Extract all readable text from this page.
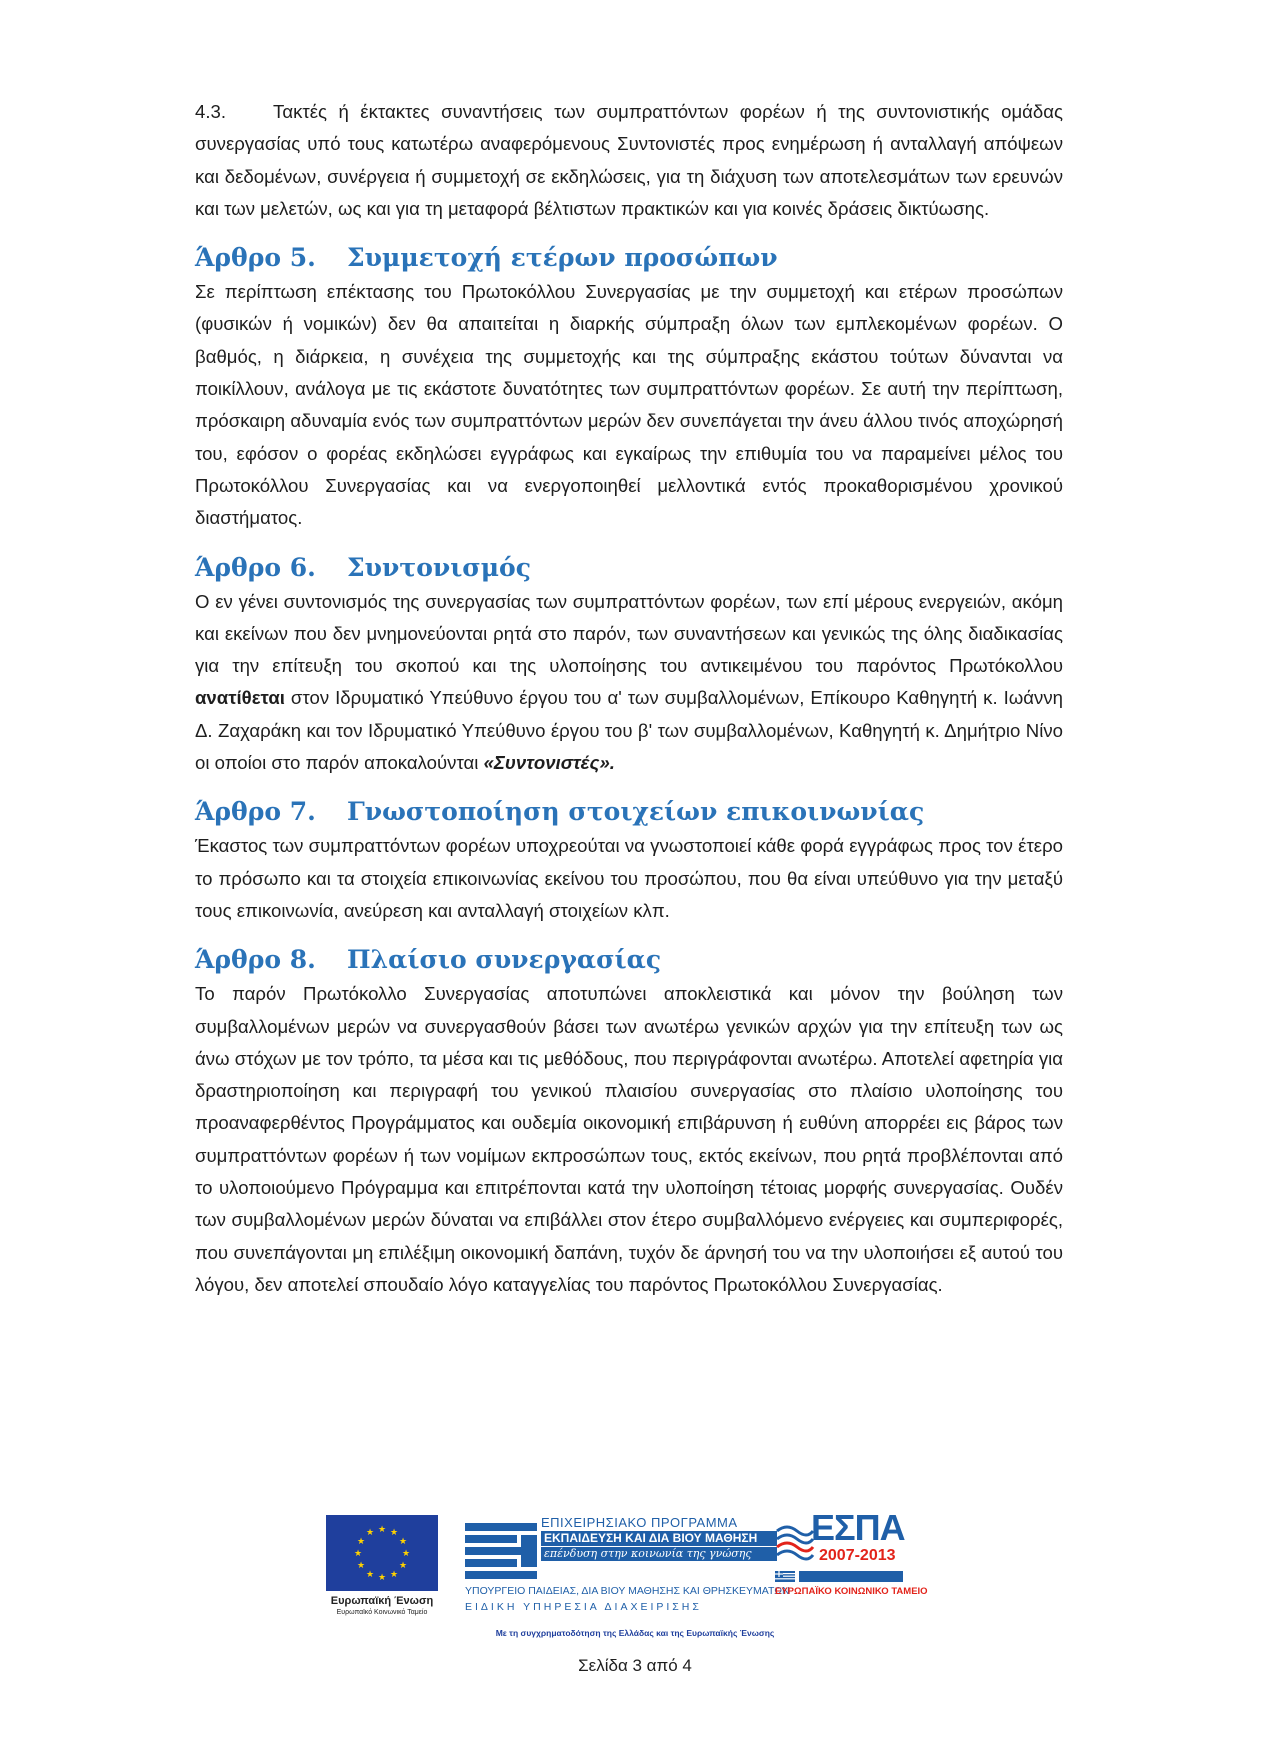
4.3.	Τακτές ή έκτακτες συναντήσεις των συμπραττόντων φορέων ή της συντονιστικής ομάδας συνεργασίας υπό τους κατωτέρω αναφερόμενους Συντονιστές προς ενημέρωση ή ανταλλαγή απόψεων και δεδομένων, συνέργεια ή συμμετοχή σε εκδηλώσεις, για τη διάχυση των αποτελεσμάτων των ερευνών και των μελετών, ως και για τη μεταφορά βέλτιστων πρακτικών και για κοινές δράσεις δικτύωσης.

Άρθρο 5. Συμμετοχή ετέρων προσώπων

Σε περίπτωση επέκτασης του Πρωτοκόλλου Συνεργασίας με την συμμετοχή και ετέρων προσώπων (φυσικών ή νομικών) δεν θα απαιτείται η διαρκής σύμπραξη όλων των εμπλεκομένων φορέων. Ο βαθμός, η διάρκεια, η συνέχεια της συμμετοχής και της σύμπραξης εκάστου τούτων δύνανται να ποικίλλουν, ανάλογα με τις εκάστοτε δυνατότητες των συμπραττόντων φορέων. Σε αυτή την περίπτωση, πρόσκαιρη αδυναμία ενός των συμπραττόντων μερών δεν συνεπάγεται την άνευ άλλου τινός αποχώρησή του, εφόσον ο φορέας εκδηλώσει εγγράφως και εγκαίρως την επιθυμία του να παραμείνει μέλος του Πρωτοκόλλου Συνεργασίας και να ενεργοποιηθεί μελλοντικά εντός προκαθορισμένου χρονικού διαστήματος.

Άρθρο 6. Συντονισμός

Ο εν γένει συντονισμός της συνεργασίας των συμπραττόντων φορέων, των επί μέρους ενεργειών, ακόμη και εκείνων που δεν μνημονεύονται ρητά στο παρόν, των συναντήσεων και γενικώς της όλης διαδικασίας για την επίτευξη του σκοπού και της υλοποίησης του αντικειμένου του παρόντος Πρωτόκολλου ανατίθεται στον Ιδρυματικό Υπεύθυνο έργου του α' των συμβαλλομένων, Επίκουρο Καθηγητή κ. Ιωάννη Δ. Ζαχαράκη και τον Ιδρυματικό Υπεύθυνο έργου του β' των συμβαλλομένων, Καθηγητή κ. Δημήτριο Νίνο οι οποίοι στο παρόν αποκαλούνται «Συντονιστές».

Άρθρο 7. Γνωστοποίηση στοιχείων επικοινωνίας

Έκαστος των συμπραττόντων φορέων υποχρεούται να γνωστοποιεί κάθε φορά εγγράφως προς τον έτερο το πρόσωπο και τα στοιχεία επικοινωνίας εκείνου του προσώπου, που θα είναι υπεύθυνο για την μεταξύ τους επικοινωνία, ανεύρεση και ανταλλαγή στοιχείων κλπ.

Άρθρο 8. Πλαίσιο συνεργασίας

Το παρόν Πρωτόκολλο Συνεργασίας αποτυπώνει αποκλειστικά και μόνον την βούληση των συμβαλλομένων μερών να συνεργασθούν βάσει των ανωτέρω γενικών αρχών για την επίτευξη των ως άνω στόχων με τον τρόπο, τα μέσα και τις μεθόδους, που περιγράφονται ανωτέρω. Αποτελεί αφετηρία για δραστηριοποίηση και περιγραφή του γενικού πλαισίου συνεργασίας στο πλαίσιο υλοποίησης του προαναφερθέντος Προγράμματος και ουδεμία οικονομική επιβάρυνση ή ευθύνη απορρέει εις βάρος των συμπραττόντων φορέων ή των νομίμων εκπροσώπων τους, εκτός εκείνων, που ρητά προβλέπονται από το υλοποιούμενο Πρόγραμμα και επιτρέπονται κατά την υλοποίηση τέτοιας μορφής συνεργασίας. Ουδέν των συμβαλλομένων μερών δύναται να επιβάλλει στον έτερο συμβαλλόμενο ενέργειες και συμπεριφορές, που συνεπάγονται μη επιλέξιμη οικονομική δαπάνη, τυχόν δε άρνησή του να την υλοποιήσει εξ αυτού του λόγου, δεν αποτελεί σπουδαίο λόγο καταγγελίας του παρόντος Πρωτοκόλλου Συνεργασίας.

★ ★
★
★
★
★
★
★
★
★
★
★
Ευρωπαϊκή Ένωση
Ευρωπαϊκό Κοινωνικό Ταμείο
ΕΠΙΧΕΙΡΗΣΙΑΚΟ ΠΡΟΓΡΑΜΜΑ
ΕΚΠΑΙΔΕΥΣΗ ΚΑΙ ΔΙΑ ΒΙΟΥ ΜΑΘΗΣΗ
επένδυση στην κοινωνία της γνώσης
ΥΠΟΥΡΓΕΙΟ ΠΑΙΔΕΙΑΣ, ΔΙΑ ΒΙΟΥ ΜΑΘΗΣΗΣ ΚΑΙ ΘΡΗΣΚΕΥΜΑΤΩΝ
ΕΙΔΙΚΗ ΥΠΗΡΕΣΙΑ ΔΙΑΧΕΙΡΙΣΗΣ
ΕΣΠΑ
2007-2013
ΕΥΡΩΠΑΪΚΟ ΚΟΙΝΩΝΙΚΟ ΤΑΜΕΙΟ
Με τη συγχρηματοδότηση της Ελλάδας και της Ευρωπαϊκής Ένωσης
Σελίδα 3 από 4
